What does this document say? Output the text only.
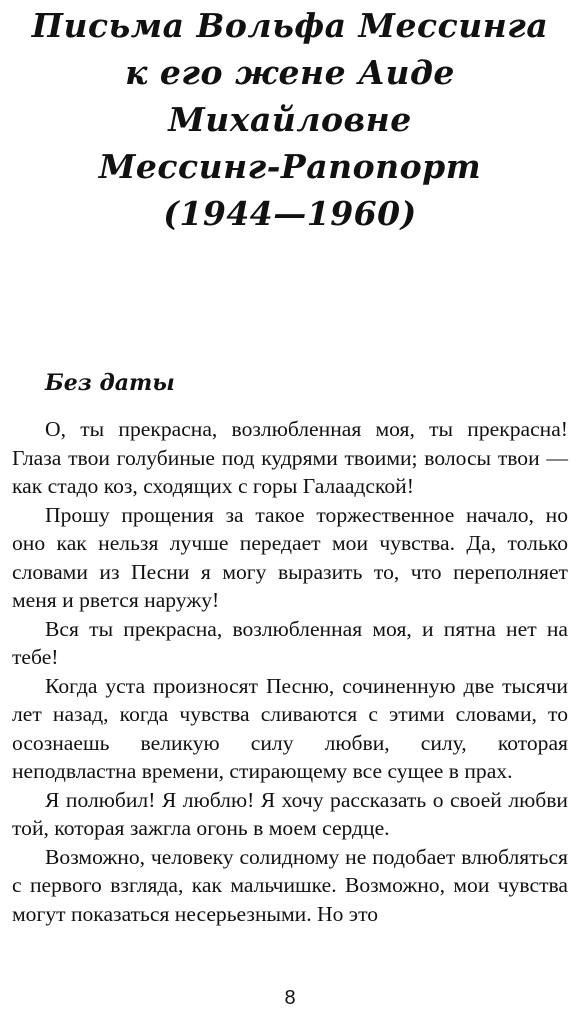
Письма Вольфа Мессинга
к его жене Аиде Михайловне
Мессинг-Рапопорт
(1944—1960)
Без даты

О, ты прекрасна, возлюбленная моя, ты прекрасна! Глаза твои голубиные под кудрями твоими; волосы твои — как стадо коз, сходящих с горы Галаадской!

Прошу прощения за такое торжественное начало, но оно как нельзя лучше передает мои чувства. Да, только словами из Песни я могу выразить то, что переполняет меня и рвется наружу!

Вся ты прекрасна, возлюбленная моя, и пятна нет на тебе!

Когда уста произносят Песню, сочиненную две тысячи лет назад, когда чувства сливаются с этими словами, то осознаешь великую силу любви, силу, которая неподвластна времени, стирающему все сущее в прах.

Я полюбил! Я люблю! Я хочу рассказать о своей любви той, которая зажгла огонь в моем сердце.

Возможно, человеку солидному не подобает влюбляться с первого взгляда, как мальчишке. Возможно, мои чувства могут показаться несерьезными. Но это

8
